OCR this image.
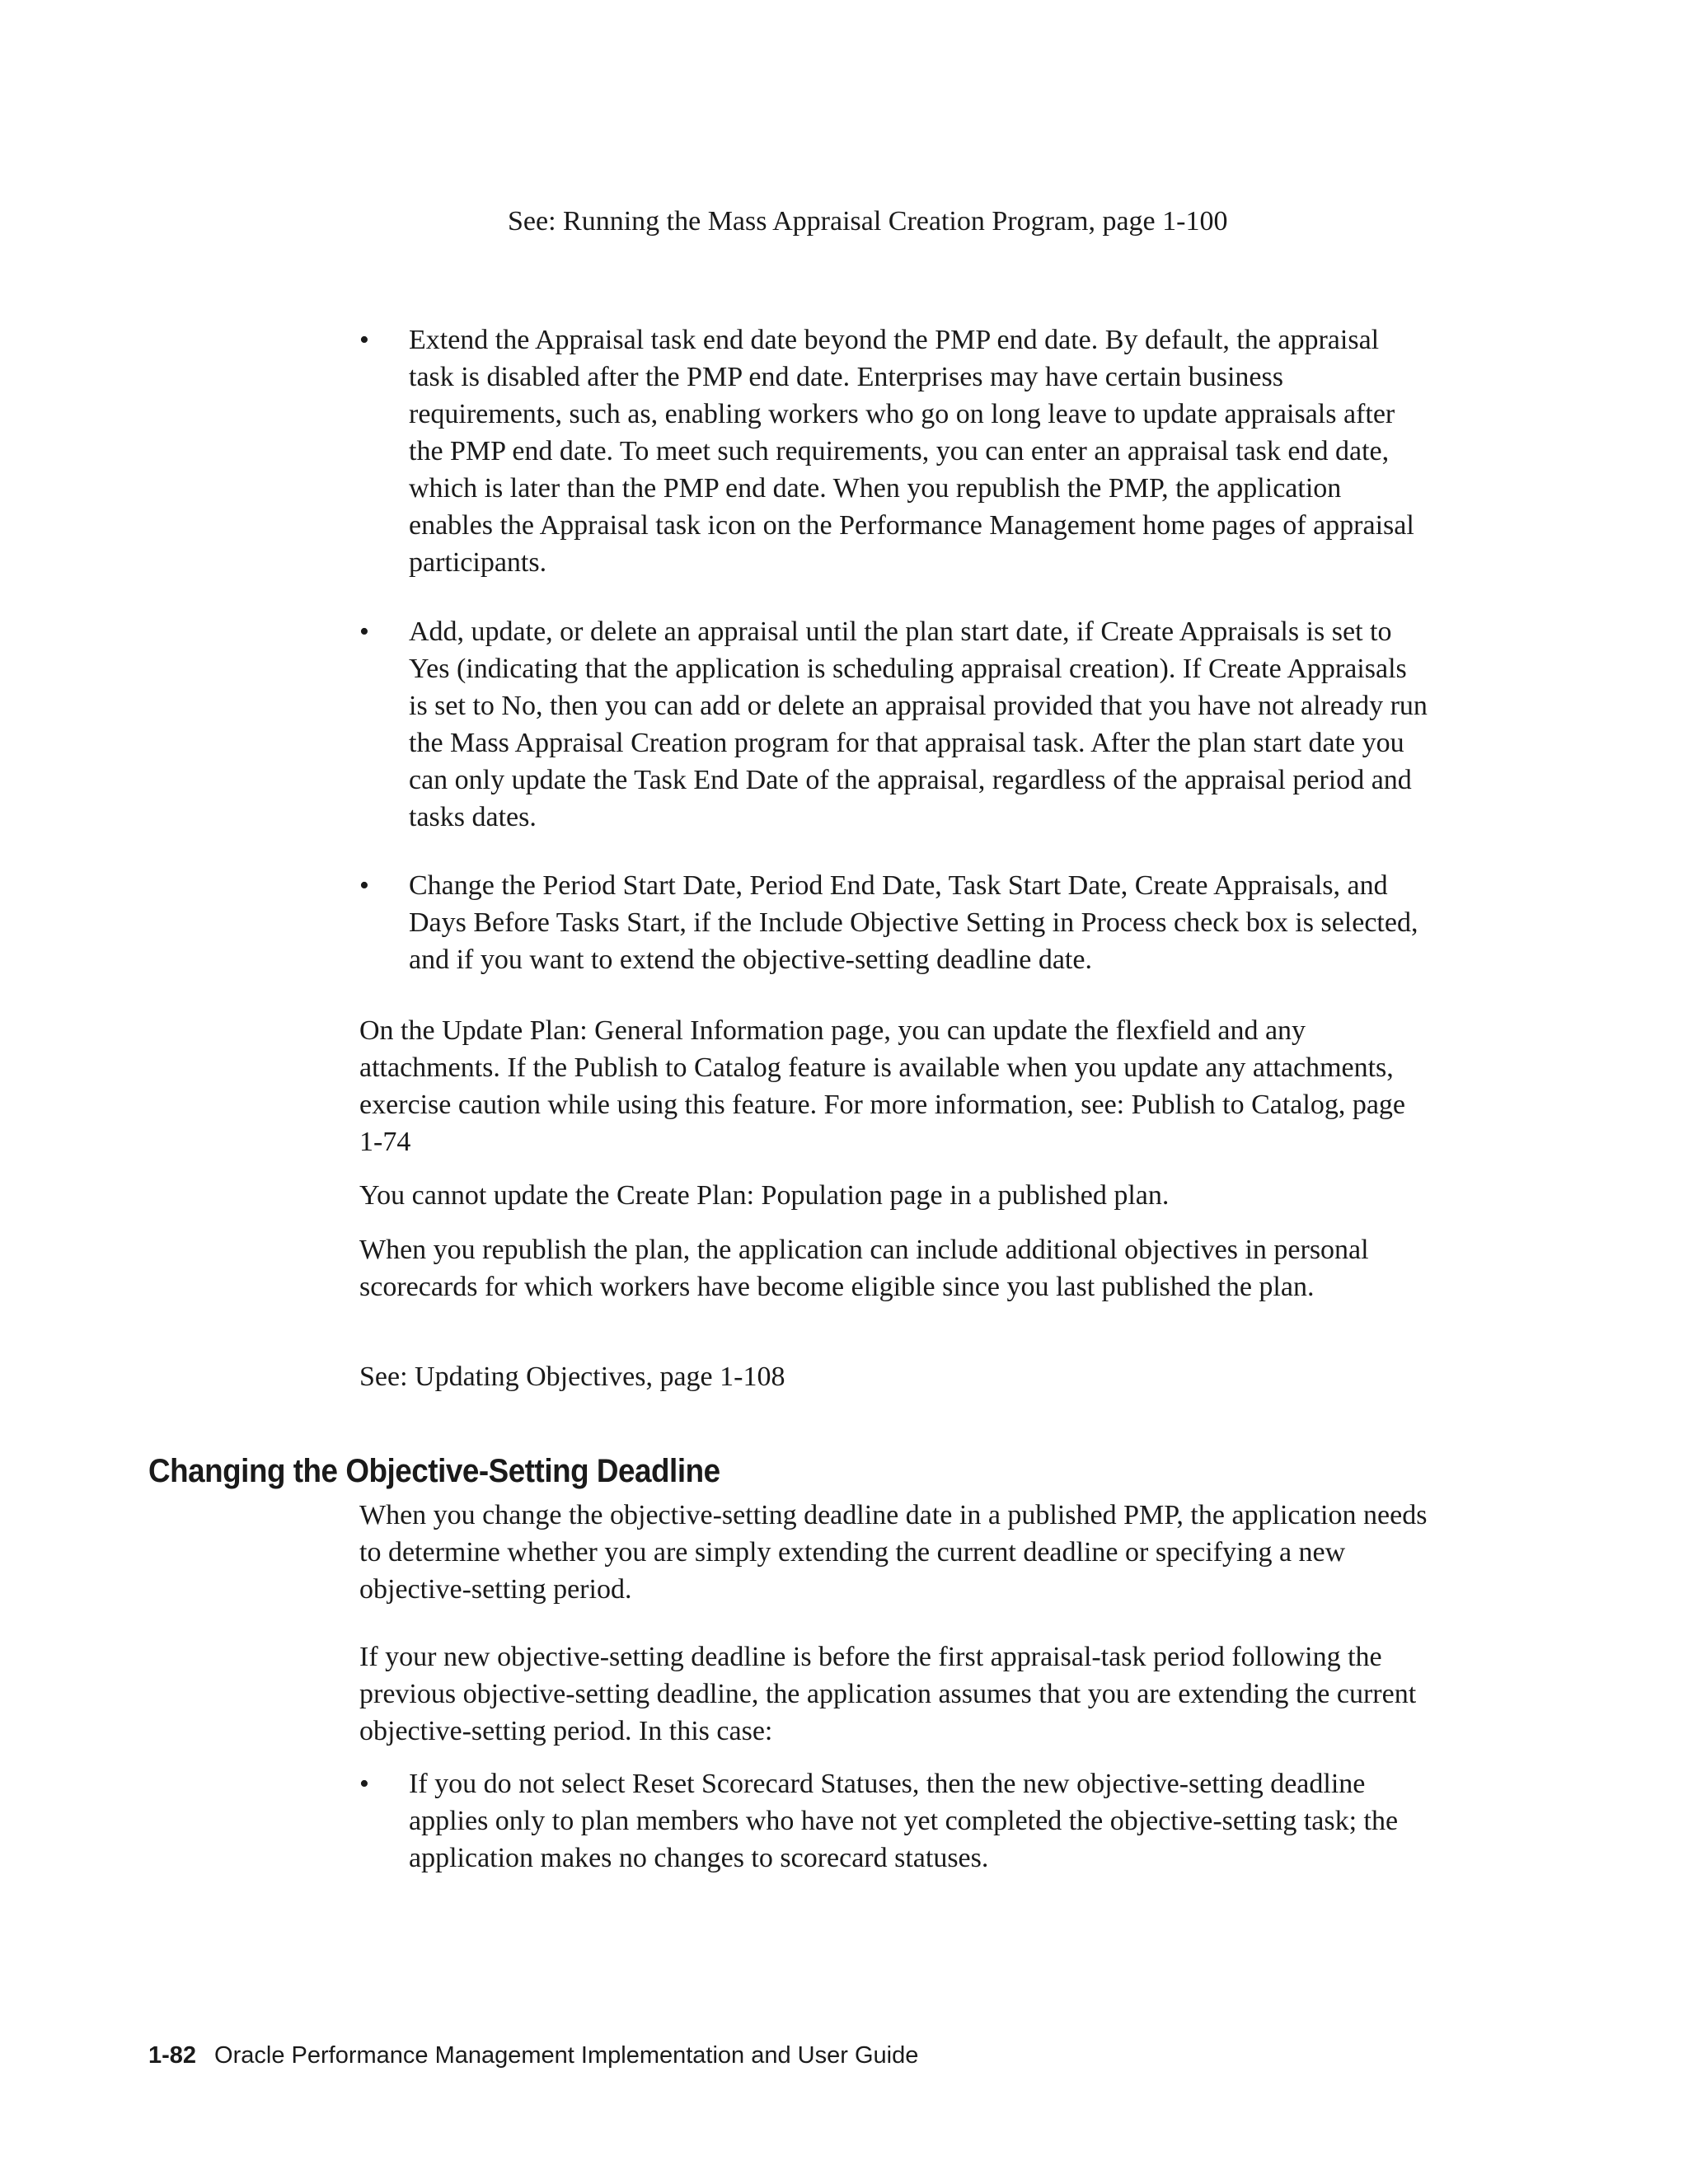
See: Running the Mass Appraisal Creation Program, page 1-100
•	Extend the Appraisal task end date beyond the PMP end date. By default, the appraisal task is disabled after the PMP end date. Enterprises may have certain business requirements, such as, enabling workers who go on long leave to update appraisals after the PMP end date. To meet such requirements, you can enter an appraisal task end date, which is later than the PMP end date. When you republish the PMP, the application enables the Appraisal task icon on the Performance Management home pages of appraisal participants.
•	Add, update, or delete an appraisal until the plan start date, if Create Appraisals is set to Yes (indicating that the application is scheduling appraisal creation). If Create Appraisals is set to No, then you can add or delete an appraisal provided that you have not already run the Mass Appraisal Creation program for that appraisal task. After the plan start date you can only update the Task End Date of the appraisal, regardless of the appraisal period and tasks dates.
•	Change the Period Start Date, Period End Date, Task Start Date, Create Appraisals, and Days Before Tasks Start, if the Include Objective Setting in Process check box is selected, and if you want to extend the objective-setting deadline date.
On the Update Plan: General Information page, you can update the flexfield and any attachments. If the Publish to Catalog feature is available when you update any attachments, exercise caution while using this feature. For more information, see: Publish to Catalog, page 1-74
You cannot update the Create Plan: Population page in a published plan.
When you republish the plan, the application can include additional objectives in personal scorecards for which workers have become eligible since you last published the plan.
See: Updating Objectives, page 1-108
Changing the Objective-Setting Deadline
When you change the objective-setting deadline date in a published PMP, the application needs to determine whether you are simply extending the current deadline or specifying a new objective-setting period.
If your new objective-setting deadline is before the first appraisal-task period following the previous objective-setting deadline, the application assumes that you are extending the current objective-setting period. In this case:
•	If you do not select Reset Scorecard Statuses, then the new objective-setting deadline applies only to plan members who have not yet completed the objective-setting task; the application makes no changes to scorecard statuses.
1-82 Oracle Performance Management Implementation and User Guide
